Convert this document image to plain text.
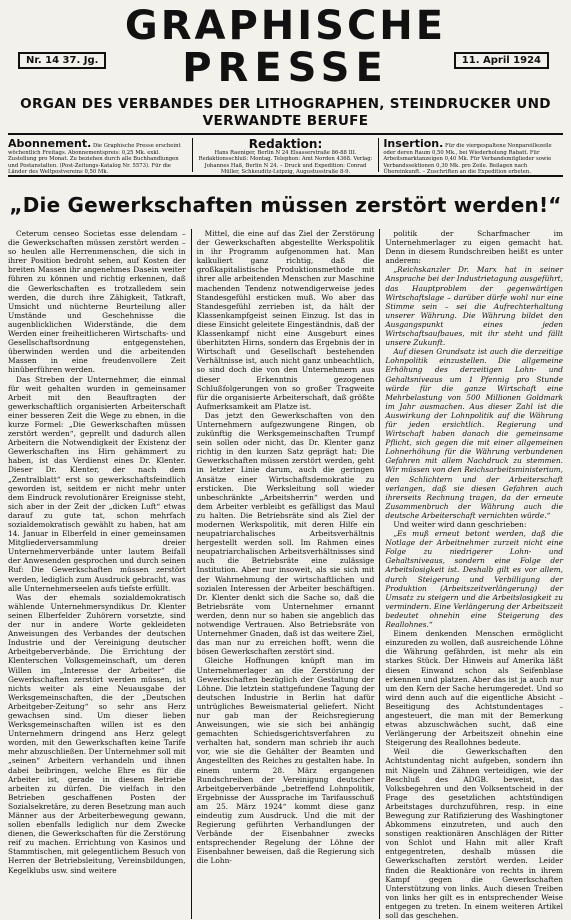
GRAPHISCHE
PRESSE
Nr. 14 37. Jg.	11. April 1924
ORGAN DES VERBANDES DER LITHOGRAPHEN, STEINDRUCKER UND VERWANDTE BERUFE
Abonnement. Die Graphische Presse erscheint wöchentlich Freitags. Abonnementspreis: 0,25 Mk. exkl. Zustellung pro Monat. Zu beziehen durch alle Buchhandlungen und Postanstalten. (Post-Zeitungs-Katalog Nr. 5573). Für die Länder des Weltpostvereins 0,50 Mk.
Redaktion:
Hans Raeniger, Berlin N 24 Elsasserstraße 86-88 III. Redaktionsschluß: Montag. Telephon: Amt Norden 4368. Verlag: Johannes Haß, Berlin N 24. – Druck und Expedition: Conrad Müller, Schkeuditz-Leipzig, Augustusstraße 8-9.
Insertion. Für die viergespaltene Nonpareillezeile oder deren Raum 0,50 Mk., bei Wiederholung Rabatt. Für Arbeitsmarktanzeigen 0,40 Mk. Für Verbandsmitglieder sowie Verbandssektionen 0,30 Mk. pro Zeile. Beilagen nach Übereinkunft. – Zuschriften an die Expedition erbeten.
„Die Gewerkschaften müssen zerstört werden!“

Ceterum censeo Societas esse delendam – die Gewerkschaften müssen zerstört werden – so heulen alle Herrenmenschen, die sich in ihrer Position bedroht sehen, auf Kosten der breiten Massen ihr angenehmes Dasein weiter führen zu können und richtig erkennen, daß die Gewerkschaften es trotzalledem sein werden, die durch ihre Zähigkeit, Tatkraft, Umsicht und nüchterne Beurteilung aller Umstände und Geschehnisse die augenblicklichen Widerstände, die dem Werden einer freiheitlicheren Wirtschafts- und Gesellschaftsordnung entgegenstehen, überwinden werden und die arbeitenden Massen in eine freudenvollere Zeit hinüberführen werden.

Das Streben der Unternehmer, die einmal für weit gehalten wurden in gemeinsamer Arbeit mit den Beauftragten der gewerkschaftlich organisierten Arbeiterschaft einer besseren Zeit die Wege zu ebnen, in die kurze Formel: „Die Gewerkschaften müssen zerstört werden“, geprellt und dadurch allen Arbeitern die Notwendigkeit der Existenz der Gewerkschaften ins Hirn gehämmert zu haben, ist das Verdienst eines Dr. Klenter. Dieser Dr. Klenter, der nach dem „Zentralblatt“ erst so gewerkschaftsfeindlich geworden ist, seitdem er nicht mehr unter dem Eindruck revolutionärer Ereignisse steht, sich aber in der Zeit der „dicken Luft“ etwas darauf zu gute tat, schon mehrfach sozialdemokratisch gewählt zu haben, hat am 14. Januar in Elberfeld in einer gemeinsamen Mitgliederversammlung dreier Unternehmerverbände unter lautem Beifall der Anwesenden gesprochen und durch seinen Ruf: Die Gewerkschaften müssen zerstört werden, lediglich zum Ausdruck gebracht, was alle Unternehmerseelen aufs tiefste erfüllt.

Was der ehemals sozialdemokratisch wählende Unternehmersyndikus Dr. Klenter seinen Elberfelder Zuhörern vorsetzte, sind der nur in andere Worte gekleideten Anweisungen des Verbandes der deutschen Industrie und der Vereinigung deutscher Arbeitgeberverbände. Die Errichtung der Klenterschen Volksgemeinschaft, um deren Willen im „Interesse der Arbeiter“ die Gewerkschaften zerstört werden müssen, ist nichts weiter als eine Neuausgabe der Werksgemeinschaften, die der „Deutschen Arbeitgeber-Zeitung“ so sehr ans Herz gewachsen sind. Um dieser lieben Werksgemeinschaften willen ist es den Unternehmern dringend ans Herz gelegt worden, mit den Gewerkschaften keine Tarife mehr abzuschließen. Der Unternehmer soll mit „seinen“ Arbeitern verhandeln und ihnen dabei beibringen, welche Ehre es für die Arbeiter ist, gerade in diesem Betriebe arbeiten zu dürfen. Die vielfach in den Betrieben geschaffenen Posten der Sozialsekretäre, zu deren Besetzung man auch Männer aus der Arbeiterbewegung gewann, sollen ebenfalls lediglich nur dem Zwecke dienen, die Gewerkschaften für die Zerstörung reif zu machen. Errichtung von Kasinos und Stammtischen, mit gelegentlichem Besuch von Herren der Betriebsleitung, Vereinsbildungen, Kegelklubs usw. sind weitere

Mittel, die eine auf das Ziel der Zerstörung der Gewerkschaften abgestellte Werkspolitik in ihr Programm aufgenommen hat. Man kalkuliert ganz richtig, daß die großkapitalistische Produktionsmethode mit ihrer alle arbeitenden Menschen zur Maschine machenden Tendenz notwendigerweise jedes Standesgefühl ersticken muß. Wo aber das Standesgefühl zerrieben ist, da hält der Klassenkampfgeist seinen Einzug. Ist das in diese Einsicht geleitete Eingeständnis, daß der Klassenkampf nicht eine Ausgeburt eines überhitzten Hirns, sondern das Ergebnis der in Wirtschaft und Gesellschaft bestehenden Verhältnisse ist, auch nicht ganz unbeachtlich, so sind doch die von den Unternehmern aus dieser Erkenntnis gezogenen Schlußfolgerungen von so großer Tragweite für die organisierte Arbeiterschaft, daß größte Aufmerksamkeit am Platze ist.

Das jetzt den Gewerkschaften von den Unternehmern aufgezwungene Ringen, ob zukünftig die Werksgemeinschaften Trumpf sein sollen oder nicht, das Dr. Klenter ganz richtig in den kurzen Satz geprägt hat: Die Gewerkschaften müssen zerstört werden, geht in letzter Linie darum, auch die geringen Ansätze einer Wirtschaftsdemokratie zu ersticken. Die Werksleitung soll wieder unbeschränkte „Arbeitsherrin“ werden und dem Arbeiter verbleibt es gefälligst das Maul zu halten. Die Betriebsräte sind als Ziel der modernen Werkspolitik, mit deren Hilfe ein neupatriarchalisches Arbeitsverhältnis hergestellt werden soll. Im Rahmen eines neupatriarchalischen Arbeitsverhältnisses sind auch die Betriebsräte eine zulässige Institution. Aber nur insoweit, als sie sich mit der Wahrnehmung der wirtschaftlichen und sozialen Interessen der Arbeiter beschäftigen. Dr. Klenter denkt sich die Sache so, daß die Betriebsräte vom Unternehmer ernannt werden, denn nur so haben sie angeblich das notwendige Vertrauen. Also Betriebsräte von Unternehmer Gnaden, daß ist das weitere Ziel, das man nur zu erreichen hofft, wenn die bösen Gewerkschaften zerstört sind.

Gleiche Hoffnungen knüpft man im Unternehmerlager an die Zerstörung der Gewerkschaften bezüglich der Gestaltung der Löhne. Die letztein stattgefundene Tagung der deutschen Industrie in Berlin hat dafür untrügliches Beweismaterial geliefert. Nicht nur gab man der Reichsregierung Anweisungen, wie sie sich bei anhängig gemachten Schiedsgerichtsverfahren zu verhalten hat, sondern man schrieb ihr auch vor, wie sie die Gehälter der Beamten und Angestellten des Reiches zu gestalten habe. In einem unterm 28. März ergangenen Rundschreiben der Vereinigung deutscher Arbeitgeberverbände „betreffend Lohnpolitik, Ergebnisse der Aussprache im Tarifausschuß am 25. März 1924“ kommt diese ganz eindeutig zum Ausdruck. Und die mit der Regierung geführten Verhandlungen der Verbände der Eisenbahner zwecks entsprechender Regelung der Löhne der Eisenbahner beweisen, daß die Regierung sich die Lohn-

politik der Scharfmacher im Unternehmerlager zu eigen gemacht hat. Denn in diesem Rundschreiben heißt es unter anderem:

„Reichskanzler Dr. Marx hat in seiner Ansprache bei der Industrietagung ausgeführt, das Hauptproblem der gegenwärtigen Wirtschaftslage – darüber dürfe wohl nur eine Stimme sein – sei die Aufrechterhaltung unserer Währung. Die Währung bildet den Ausgangspunkt eines jeden Wirtschaftsaufbaues, mit ihr steht und fällt unsere Zukunft.

Auf diesen Grundsatz ist auch die derzeitige Lohnpolitik einzustellen. Die allgemeine Erhöhung des derzeitigen Lohn- und Gehaltsniveaus um 1 Pfennig pro Stunde würde für die ganze Wirtschaft eine Mehrbelastung von 500 Millionen Goldmark im Jahr ausmachen. Aus dieser Zahl ist die Auswirkung der Lohnpolitik auf die Währung für jeden ersichtlich. Regierung und Wirtschaft haben danach die gemeinsame Pflicht, sich gegen die mit einer allgemeinen Lohnerhöhung für die Währung verbundenen Gefahren mit allem Nachdruck zu stemmen. Wir müssen von den Reichsarbeitsministerium, den Schlichtern und der Arbeiterschaft verlangen, daß sie diesen Gefahren auch ihrerseits Rechnung tragen, da der erneute Zusammenbruch der Währung auch die deutsche Arbeiterschaft vernichten würde.“

Und weiter wird dann geschrieben:

„Es muß erneut betont werden, daß die Notlage der Arbeitnehmer zurzeit nicht eine Folge zu niedrigerer Lohn- und Gehaltsniveaus, sondern eine Folge der Arbeitslosigkeit ist. Deshalb gilt es vor allem, durch Steigerung und Verbilligung der Produktion (Arbeitszeitverlängerung) der Umsatz zu steigern und die Arbeitslosigkeit zu vermindern. Eine Verlängerung der Arbeitszeit bedeutet ohnehin eine Steigerung des Reallohnes.“

Einem denkenden Menschen ermöglicht einzureden zu wollen, daß ausreichende Löhne die Währung gefährden, ist mehr als ein starkes Stück. Der Hinweis auf Amerika läßt diesen Einwand schon als Seifenblase erkennen und platzen. Aber das ist ja auch nur um den Kern der Sache herumgeredet. Und so wird denn auch auf die eigentliche Absicht – Beseitigung des Achtstundentages – angesteuert, die man mit der Bemerkung etwas abzuschwächen sucht, daß eine Verlängerung der Arbeitszeit ohnehin eine Steigerung des Reallohnes bedeute.

Weil die Gewerkschaften den Achtstundentag nicht aufgeben, sondern ihn mit Nägeln und Zähnen verteidigen, wie der Beschluß des ADGB. beweist, das Volksbegehren und den Volksentscheid in der Frage des gesetzlichen achtstündigen Arbeitstages durchzuführen, resp. in eine Bewegung zur Ratifizierung des Washingtoner Abkommens einzutreten, und auch den sonstigen reaktionären Anschlägen der Ritter von Schlot und Hahn mit aller Kraft entgegentreten, deshalb müssen die Gewerkschaften zerstört werden. Leider finden die Reaktionäre von rechts in ihrem Kampf gegen die Gewerkschaften Unterstützung von links. Auch diesen Treiben von links her gilt es in entsprechender Weise entgegen zu treten. In einem weiteren Artikel soll das geschehen.
